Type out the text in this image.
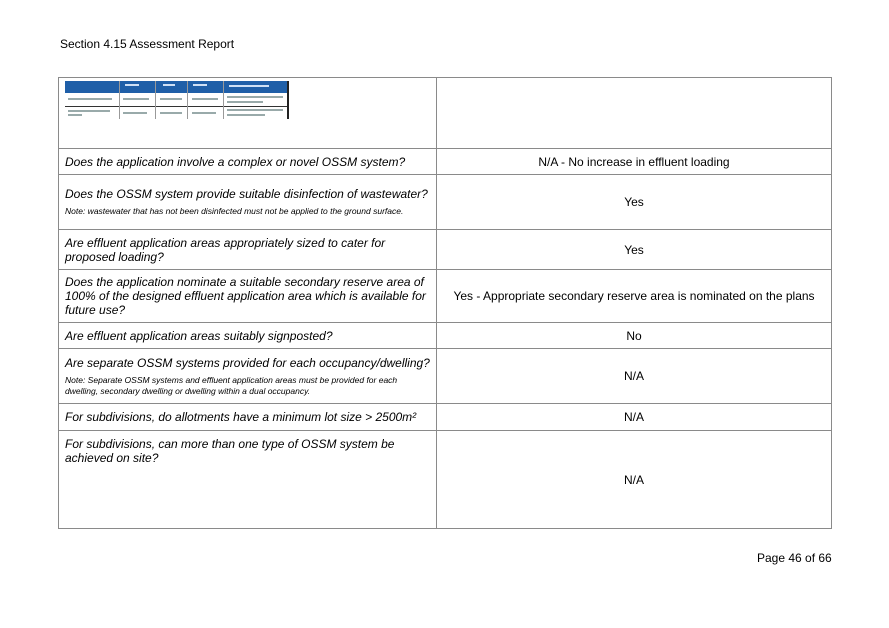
Section 4.15 Assessment Report

Does the application involve a complex or novel OSSM system?	N/A - No increase in effluent loading

Does the OSSM system provide suitable disinfection of wastewater?
Note: wastewater that has not been disinfected must not be applied to the ground surface.	Yes

Are effluent application areas appropriately sized to cater for proposed loading?	Yes

Does the application nominate a suitable secondary reserve area of 100% of the designed effluent application area which is available for future use?	Yes - Appropriate secondary reserve area is nominated on the plans

Are effluent application areas suitably signposted?	No

Are separate OSSM systems provided for each occupancy/dwelling?
Note: Separate OSSM systems and effluent application areas must be provided for each dwelling, secondary dwelling or dwelling within a dual occupancy.	N/A

For subdivisions, do allotments have a minimum lot size > 2500m²	N/A

For subdivisions, can more than one type of OSSM system be achieved on site?	N/A
Page 46 of 66
